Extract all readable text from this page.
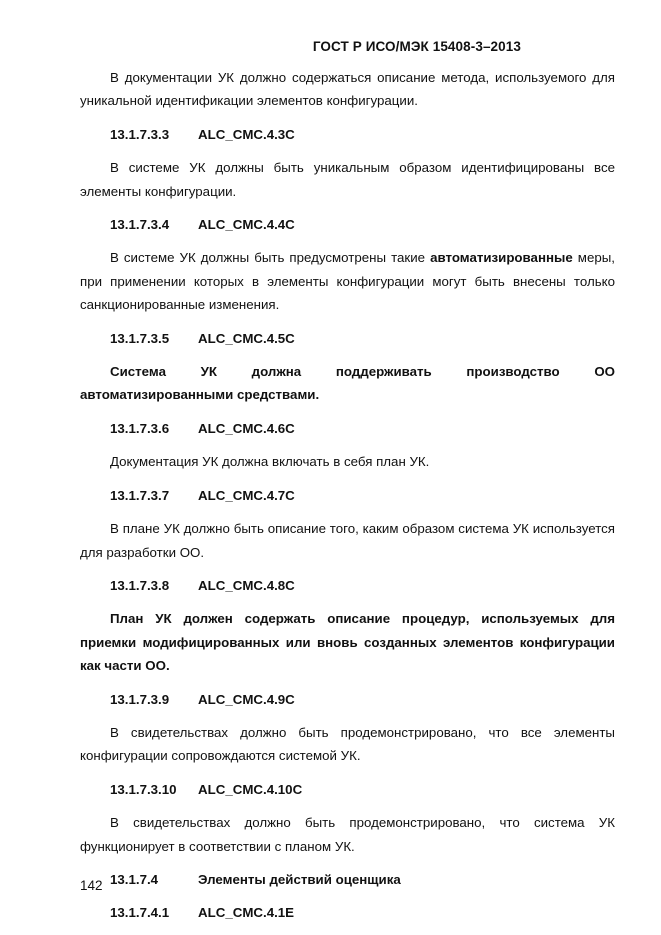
ГОСТ Р ИСО/МЭК 15408-3–2013

В документации УК должно содержаться описание метода, используемого для уникальной идентификации элементов конфигурации.

13.1.7.3.3 ALC_CMC.4.3C

В системе УК должны быть уникальным образом идентифицированы все элементы конфигурации.

13.1.7.3.4 ALC_CMC.4.4C

В системе УК должны быть предусмотрены такие автоматизированные меры, при применении которых в элементы конфигурации могут быть внесены только санкционированные изменения.

13.1.7.3.5 ALC_CMC.4.5C

Система УК должна поддерживать производство ОО автоматизированными средствами.

13.1.7.3.6 ALC_CMC.4.6C

Документация УК должна включать в себя план УК.

13.1.7.3.7 ALC_CMC.4.7C

В плане УК должно быть описание того, каким образом система УК используется для разработки ОО.

13.1.7.3.8 ALC_CMC.4.8C

План УК должен содержать описание процедур, используемых для приемки модифицированных или вновь созданных элементов конфигурации как части ОО.

13.1.7.3.9 ALC_CMC.4.9C

В свидетельствах должно быть продемонстрировано, что все элементы конфигурации сопровождаются системой УК.

13.1.7.3.10 ALC_CMC.4.10C

В свидетельствах должно быть продемонстрировано, что система УК функционирует в соответствии с планом УК.

13.1.7.4	Элементы действий оценщика

13.1.7.4.1 ALC_CMC.4.1E

142
